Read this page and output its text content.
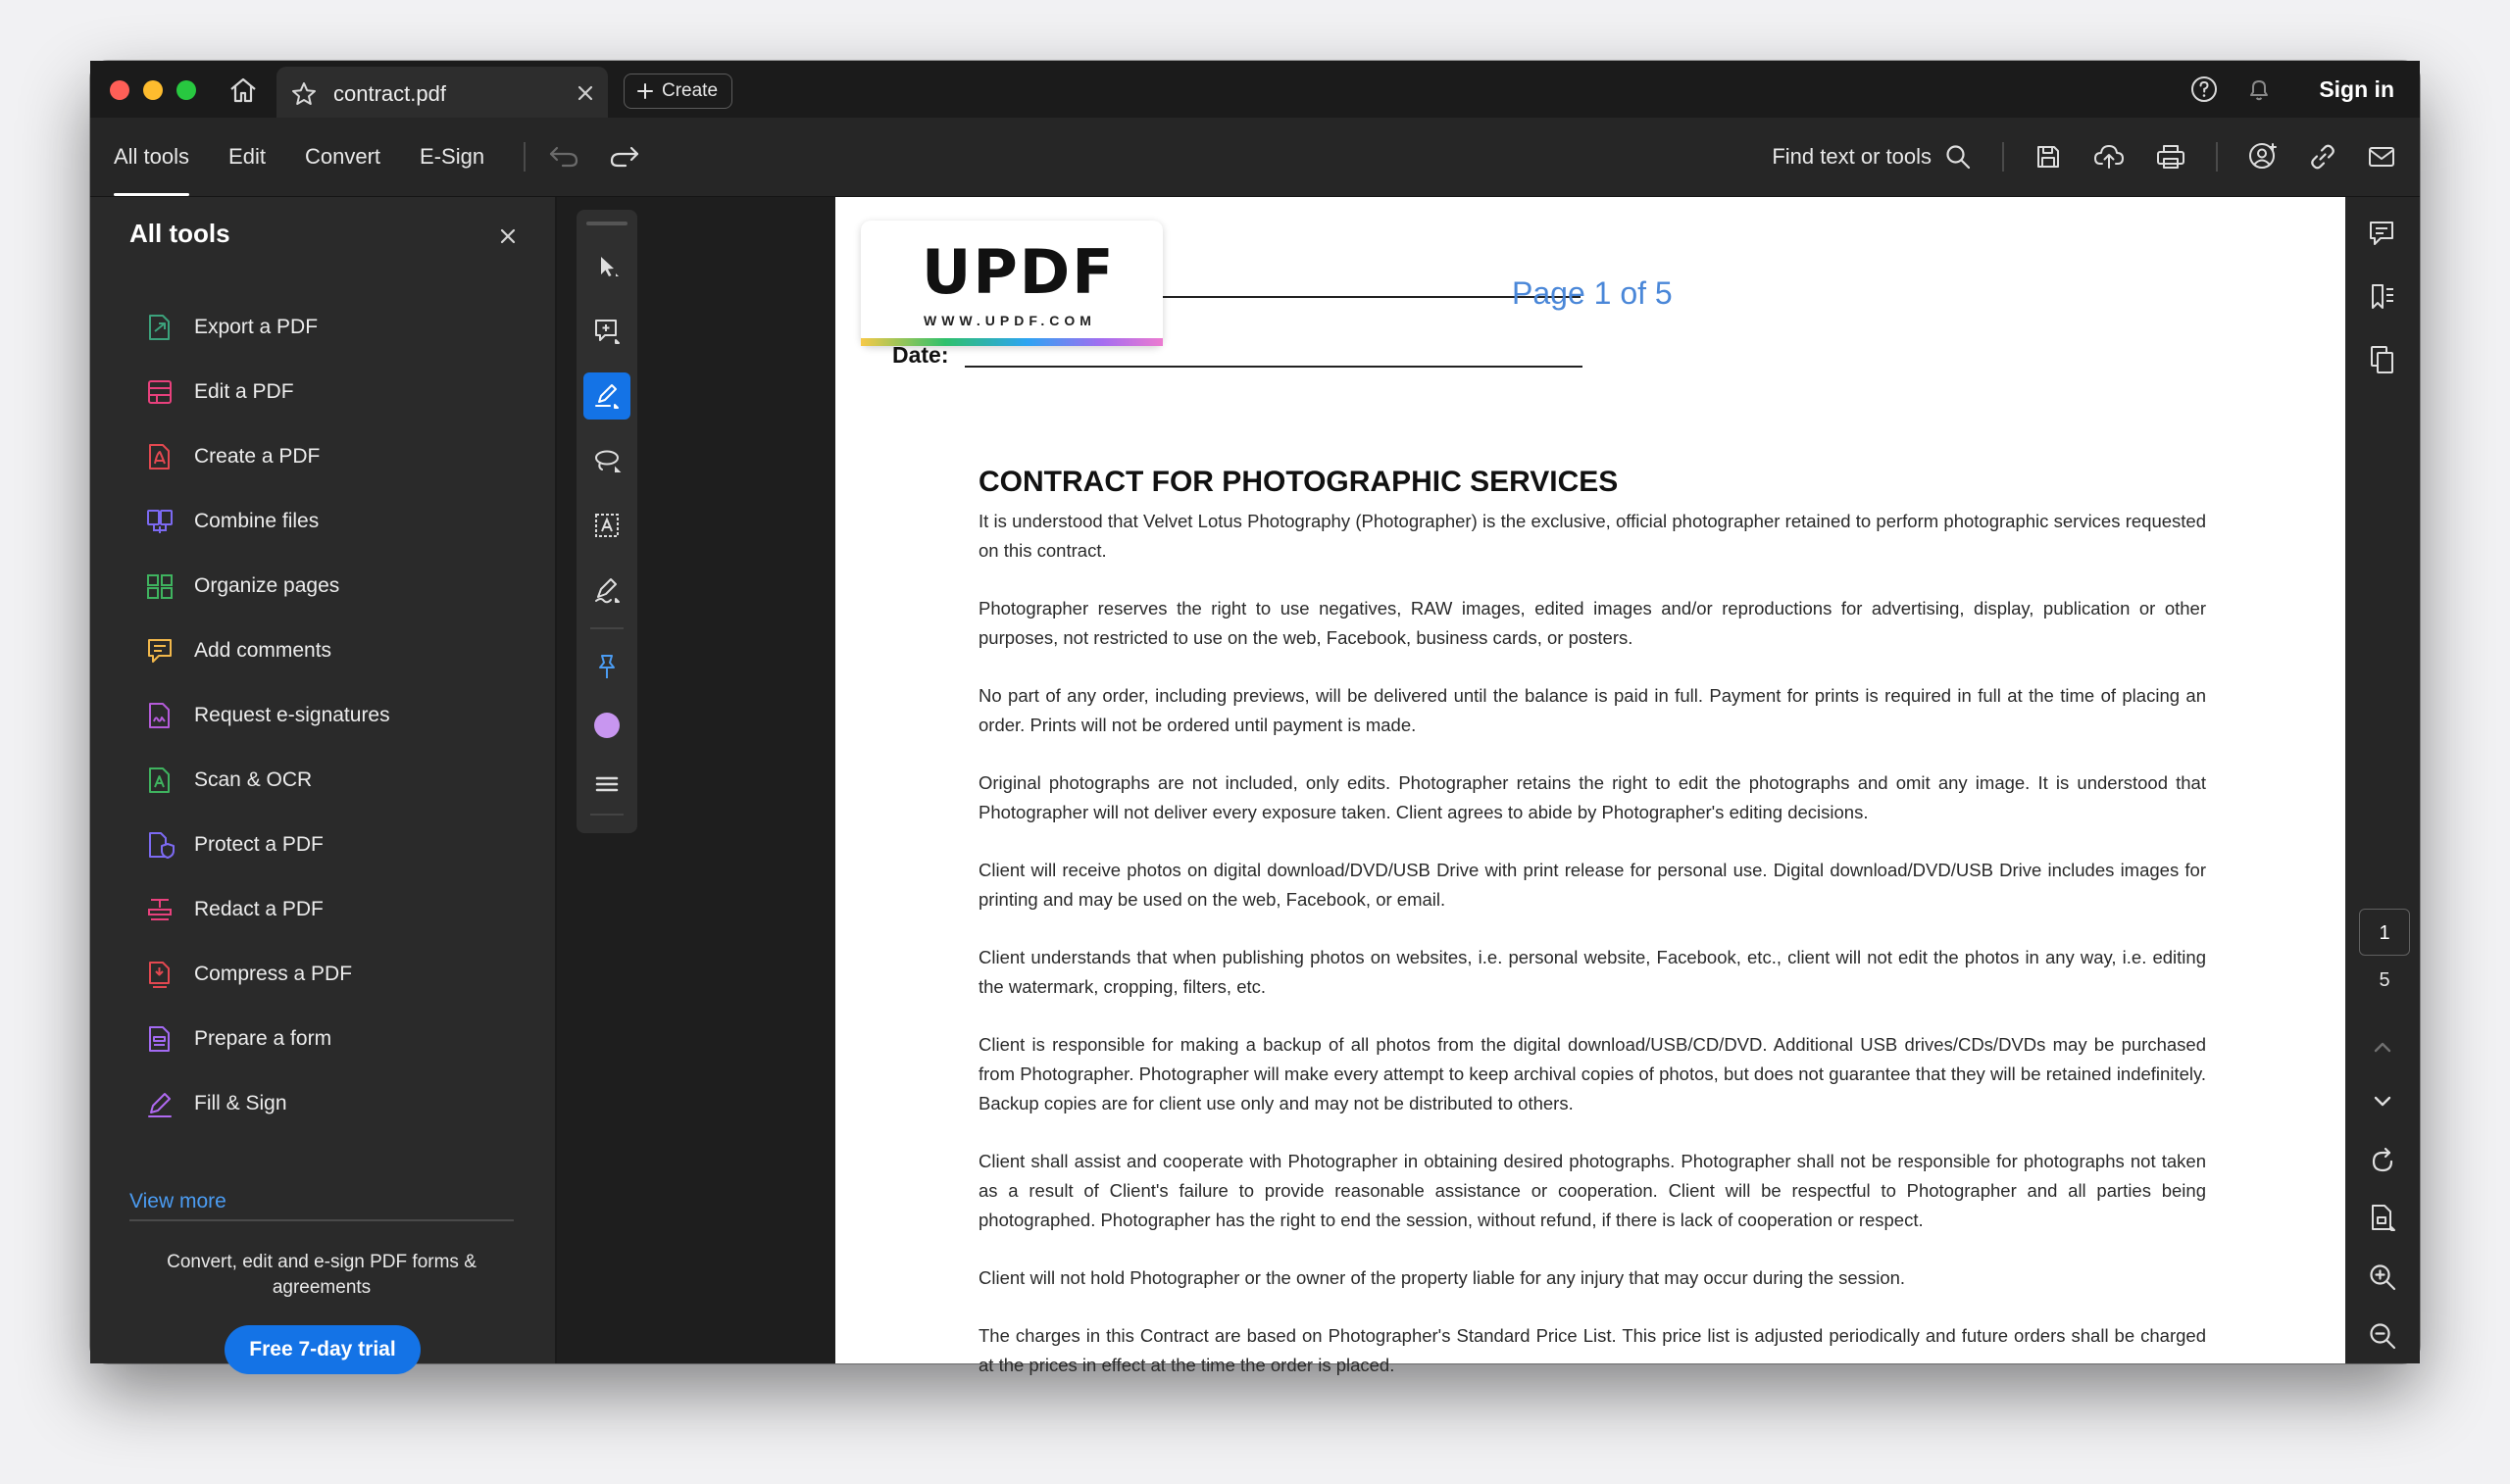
contract.pdf	Create	Sign in
All tools Edit Convert E-Sign	Find text or tools
All tools
Export a PDF
Edit a PDF
Create a PDF
Combine files
Organize pages
Add comments
Request e-signatures
Scan & OCR
Protect a PDF
Redact a PDF
Compress a PDF
Prepare a form
Fill & Sign
View more
Convert, edit and e-sign PDF forms & agreements
Free 7-day trial
UPDF
WWW.UPDF.COM
Page 1 of 5
Date:
CONTRACT FOR PHOTOGRAPHIC SERVICES

It is understood that Velvet Lotus Photography (Photographer) is the exclusive, official photographer retained to perform photographic services requested on this contract.

Photographer reserves the right to use negatives, RAW images, edited images and/or reproductions for advertising, display, publication or other purposes, not restricted to use on the web, Facebook, business cards, or posters.

No part of any order, including previews, will be delivered until the balance is paid in full. Payment for prints is required in full at the time of placing an order. Prints will not be ordered until payment is made.

Original photographs are not included, only edits. Photographer retains the right to edit the photographs and omit any image. It is understood that Photographer will not deliver every exposure taken. Client agrees to abide by Photographer's editing decisions.

Client will receive photos on digital download/DVD/USB Drive with print release for personal use. Digital download/DVD/USB Drive includes images for printing and may be used on the web, Facebook, or email.

Client understands that when publishing photos on websites, i.e. personal website, Facebook, etc., client will not edit the photos in any way, i.e. editing the watermark, cropping, filters, etc.

Client is responsible for making a backup of all photos from the digital download/USB/CD/DVD. Additional USB drives/CDs/DVDs may be purchased from Photographer. Photographer will make every attempt to keep archival copies of photos, but does not guarantee that they will be retained indefinitely. Backup copies are for client use only and may not be distributed to others.

Client shall assist and cooperate with Photographer in obtaining desired photographs. Photographer shall not be responsible for photographs not taken as a result of Client's failure to provide reasonable assistance or cooperation. Client will be respectful to Photographer and all parties being photographed. Photographer has the right to end the session, without refund, if there is lack of cooperation or respect.

Client will not hold Photographer or the owner of the property liable for any injury that may occur during the session.

The charges in this Contract are based on Photographer's Standard Price List. This price list is adjusted periodically and future orders shall be charged at the prices in effect at the time the order is placed.

1
5
